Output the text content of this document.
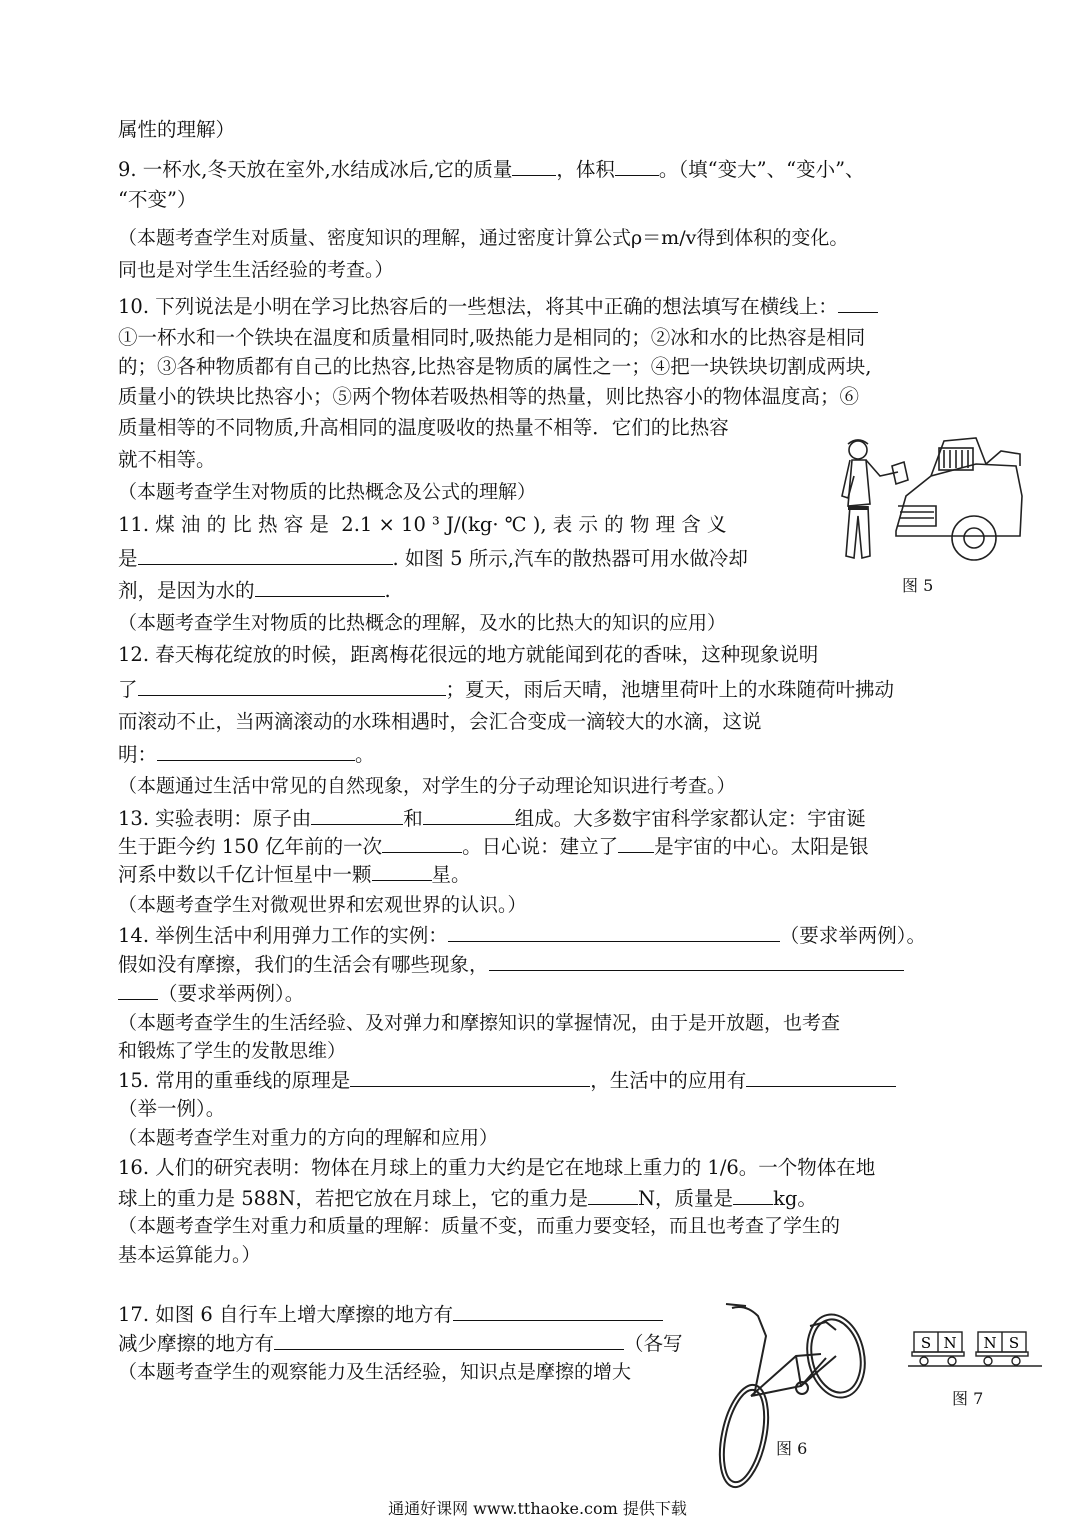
属性的理解）
9. 一杯水,冬天放在室外,水结成冰后,它的质量 ，体积 。（填“变大”、“变小”、
“不变”）
（本题考查学生对质量、密度知识的理解，通过密度计算公式ρ＝m/v得到体积的变化。
同也是对学生生活经验的考查。）
10. 下列说法是小明在学习比热容后的一些想法，将其中正确的想法填写在横线上：
①一杯水和一个铁块在温度和质量相同时,吸热能力是相同的；②冰和水的比热容是相同
的；③各种物质都有自己的比热容,比热容是物质的属性之一；④把一块铁块切割成两块,
质量小的铁块比热容小；⑤两个物体若吸热相等的热量，则比热容小的物体温度高；⑥
质量相等的不同物质,升高相同的温度吸收的热量不相等．它们的比热容
就不相等。
（本题考查学生对物质的比热概念及公式的理解）
11. 煤 油 的 比 热 容 是  2.1 × 10 ³ J/(kg· ℃ ), 表 示 的 物 理 含 义
是	. 如图 5 所示,汽车的散热器可用水做冷却
剂，是因为水的	.
（本题考查学生对物质的比热概念的理解，及水的比热大的知识的应用）
12. 春天梅花绽放的时候，距离梅花很远的地方就能闻到花的香味，这种现象说明
了	；夏天，雨后天晴，池塘里荷叶上的水珠随荷叶拂动
而滚动不止，当两滴滚动的水珠相遇时，会汇合变成一滴较大的水滴，这说
明：	。
（本题通过生活中常见的自然现象，对学生的分子动理论知识进行考查。）
13. 实验表明：原子由	和	组成。大多数宇宙科学家都认定：宇宙诞
生于距今约 150 亿年前的一次	。日心说：建立了 是宇宙的中心。太阳是银
河系中数以千亿计恒星中一颗	星。
（本题考查学生对微观世界和宏观世界的认识。）
14. 举例生活中利用弹力工作的实例：	（要求举两例）。
假如没有摩擦，我们的生活会有哪些现象，
（要求举两例）。
（本题考查学生的生活经验、及对弹力和摩擦知识的掌握情况，由于是开放题，也考查
和锻炼了学生的发散思维）
15. 常用的重垂线的原理是	，生活中的应用有
（举一例）。
（本题考查学生对重力的方向的理解和应用）
16. 人们的研究表明：物体在月球上的重力大约是它在地球上重力的 1/6。一个物体在地
球上的重力是 588N，若把它放在月球上，它的重力是	N，质量是 kg。
（本题考查学生对重力和质量的理解：质量不变，而重力要变轻，而且也考查了学生的
基本运算能力。）
17. 如图 6 自行车上增大摩擦的地方有
减少摩擦的地方有	（各写
（本题考查学生的观察能力及生活经验，知识点是摩擦的增大
图 5
图 6
S N N S
图 7
通通好课网 www.tthaoke.com 提供下载
